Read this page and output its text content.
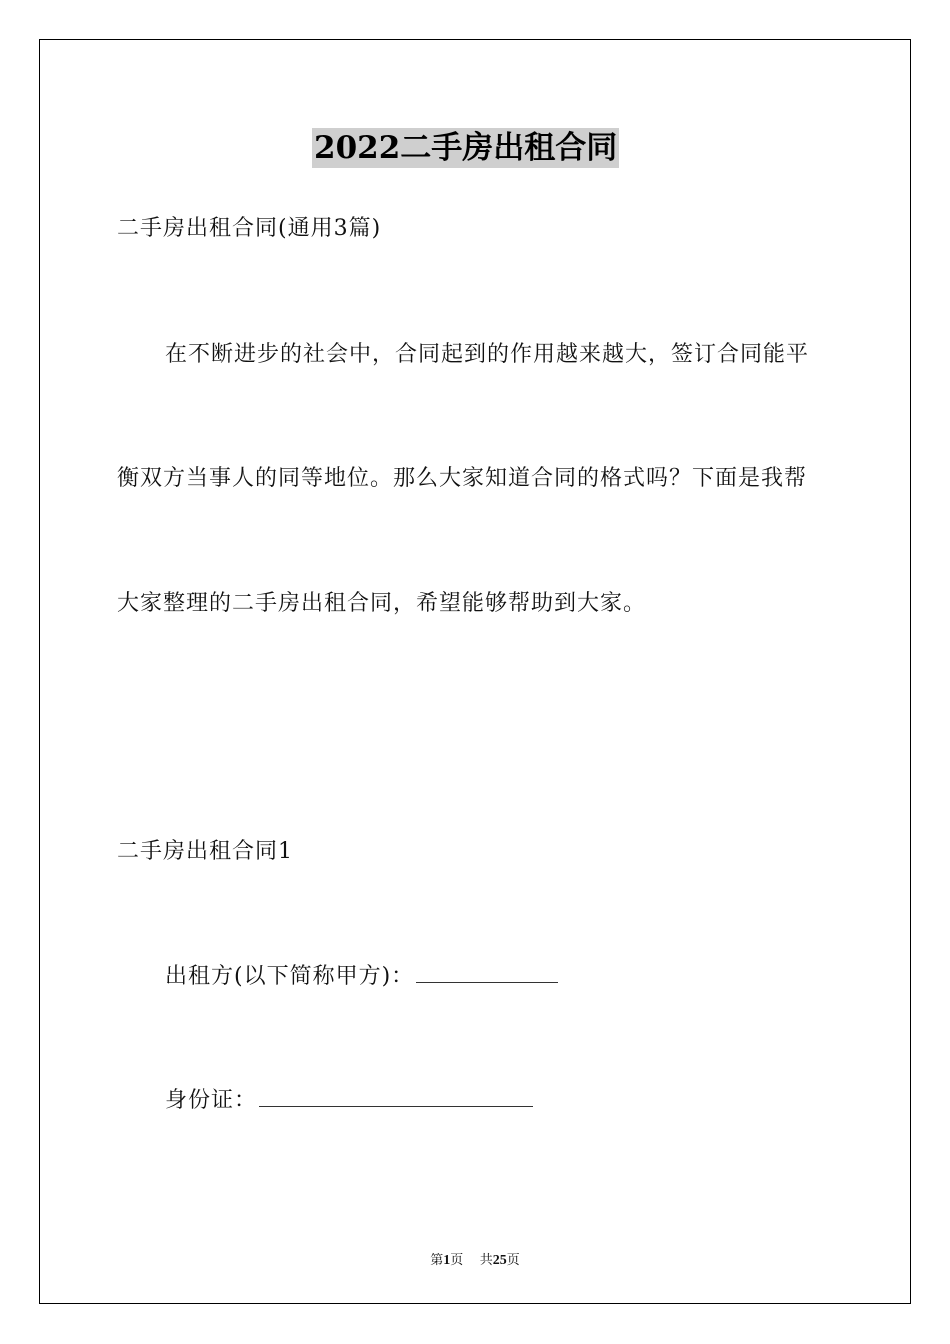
2022二手房出租合同
二手房出租合同(通用3篇)
在不断进步的社会中，合同起到的作用越来越大，签订合同能平
衡双方当事人的同等地位。那么大家知道合同的格式吗？下面是我帮
大家整理的二手房出租合同，希望能够帮助到大家。
二手房出租合同1
出租方(以下简称甲方)：
身份证：
第1页 共25页
